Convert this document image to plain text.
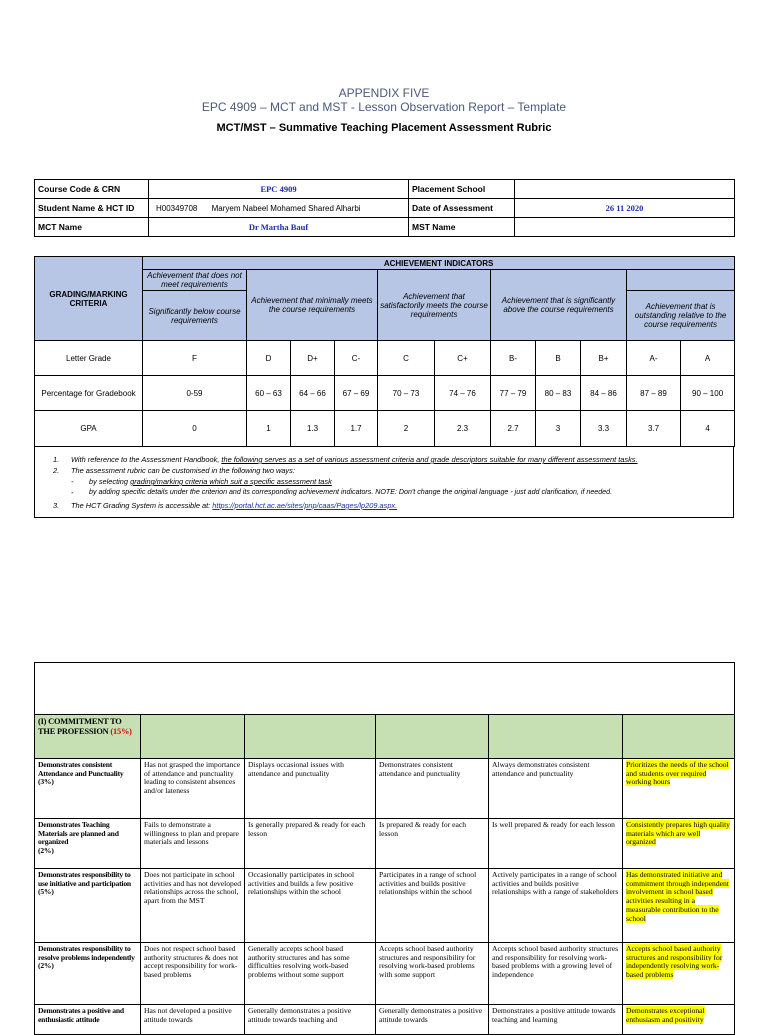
APPENDIX FIVE
EPC 4909 – MCT and MST - Lesson Observation Report – Template
MCT/MST – Summative Teaching Placement Assessment Rubric
Course Code & CRN	EPC 4909	Placement School	
Student Name & HCT ID	H00349708 Maryem Nabeel Mohamed Shared Alharbi	Date of Assessment	26 11 2020
MCT Name	Dr Martha Bauf	MST Name	
GRADING/MARKING CRITERIA	ACHIEVEMENT INDICATORS										
	Achievement that does not meet requirements	Achievement that minimally meets the course requirements			Achievement that satisfactorily meets the course requirements		Achievement that is significantly above the course requirements				
	Significantly below course requirements									Achievement that is outstanding relative to the course requirements	
Letter Grade	F	D	D+	C-	C	C+	B-	B	B+	A-	A
Percentage for Gradebook	0-59	60 – 63	64 – 66	67 – 69	70 – 73	74 – 76	77 – 79	80 – 83	84 – 86	87 – 89	90 – 100
GPA	0	1	1.3	1.7	2	2.3	2.7	3	3.3	3.7	4
1. With reference to the Assessment Handbook, the following serves as a set of various assessment criteria and grade descriptors suitable for many different assessment tasks.
2. The assessment rubric can be customised in the following two ways:
- by selecting grading/marking criteria which suit a specific assessment task
- by adding specific details under the criterion and its corresponding achievement indicators. NOTE: Don't change the original language - just add clarification, if needed.
3. The HCT Grading System is accessible at: https://portal.hct.ac.ae/sites/pnp/caas/Pages/lp209.aspx.

(I) COMMITMENT TO THE PROFESSION (15%)					

Demonstrates consistent Attendance and Punctuality
(3%)	Has not grasped the importance of attendance and punctuality leading to consistent absences and/or lateness	Displays occasional issues with attendance and punctuality	Demonstrates consistent attendance and punctuality	Always demonstrates consistent attendance and punctuality	Prioritizes the needs of the school and students over required working hours

Demonstrates Teaching Materials are planned and organized
(2%)	Fails to demonstrate a willingness to plan and prepare materials and lessons	Is generally prepared & ready for each lesson	Is prepared & ready for each lesson	Is well prepared & ready for each lesson	Consistently prepares high quality materials which are well organized

Demonstrates responsibility to use initiative and participation
(5%)	Does not participate in school activities and has not developed relationships across the school, apart from the MST	Occasionally participates in school activities and builds a few positive relationships within the school	Participates in a range of school activities and builds positive relationships within the school	Actively participates in a range of school activities and builds positive relationships with a range of stakeholders	Has demonstrated initiative and commitment through independent involvement in school based activities resulting in a measurable contribution to the school

Demonstrates responsibility to resolve problems independently
(2%)	Does not respect school based authority structures & does not accept responsibility for work-based problems	Generally accepts school based authority structures and has some difficulties resolving work-based problems without some support	Accepts school based authority structures and responsibility for resolving work-based problems with some support	Accepts school based authority structures and responsibility for resolving work-based problems with a growing level of independence	Accepts school based authority structures and responsibility for independently resolving work-based problems

Demonstrates a positive and enthusiastic attitude	Has not developed a positive attitude towards	Generally demonstrates a positive attitude towards teaching and	Generally demonstrates a positive attitude towards	Demonstrates a positive attitude towards teaching and learning	Demonstrates exceptional enthusiasm and positivity
